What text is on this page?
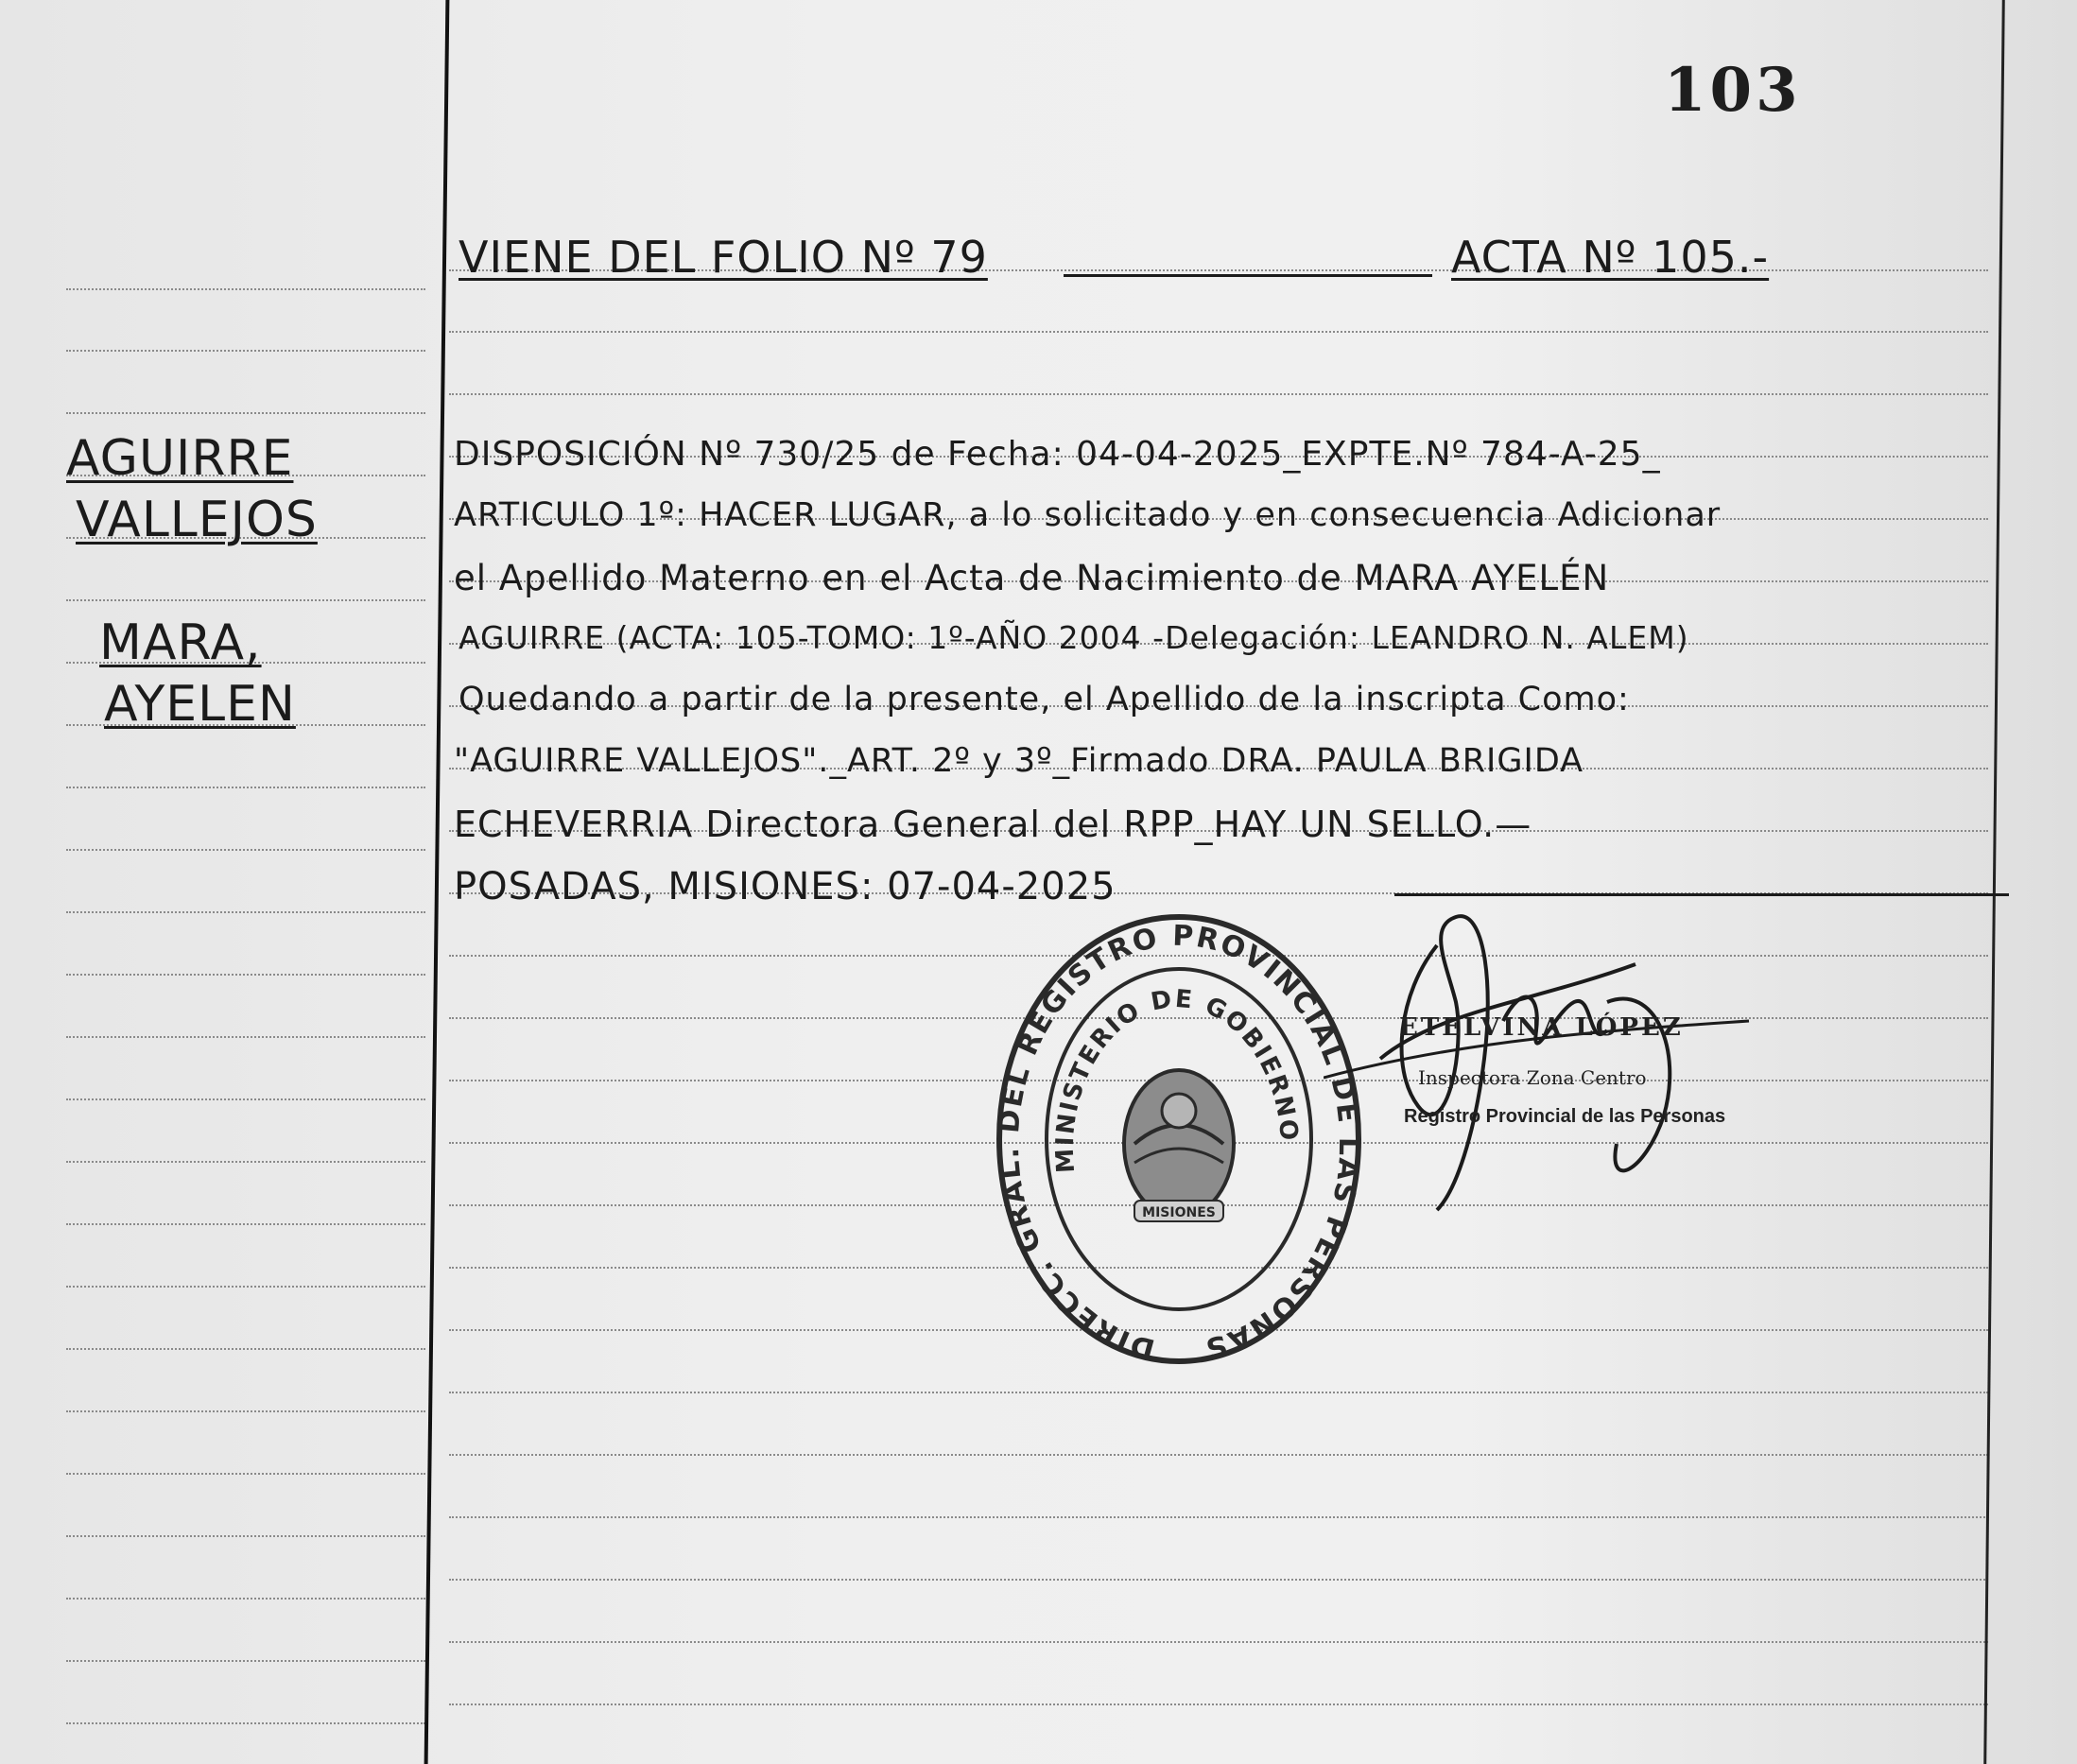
103
VIENE DEL FOLIO Nº 79	ACTA Nº 105.-
AGUIRRE
VALLEJOS
MARA,
AYELEN
DISPOSICIÓN Nº 730/25 de Fecha: 04-04-2025_EXPTE.Nº 784-A-25_
ARTICULO 1º: HACER LUGAR, a lo solicitado y en consecuencia Adicionar
el Apellido Materno en el Acta de Nacimiento de MARA AYELÉN
AGUIRRE (ACTA: 105-TOMO: 1º-AÑO 2004 -Delegación: LEANDRO N. ALEM)
Quedando a partir de la presente, el Apellido de la inscripta Como:
"AGUIRRE VALLEJOS"._ART. 2º y 3º_Firmado DRA. PAULA BRIGIDA
ECHEVERRIA Directora General del RPP_HAY UN SELLO.—
POSADAS, MISIONES: 07-04-2025
DIRECC. GRAL. DEL REGISTRO PROVINCIAL DE LAS PERSONAS
MINISTERIO DE GOBIERNO
MISIONES
ETELVINA LÓPEZ
Inspectora Zona Centro
Registro Provincial de las Personas
